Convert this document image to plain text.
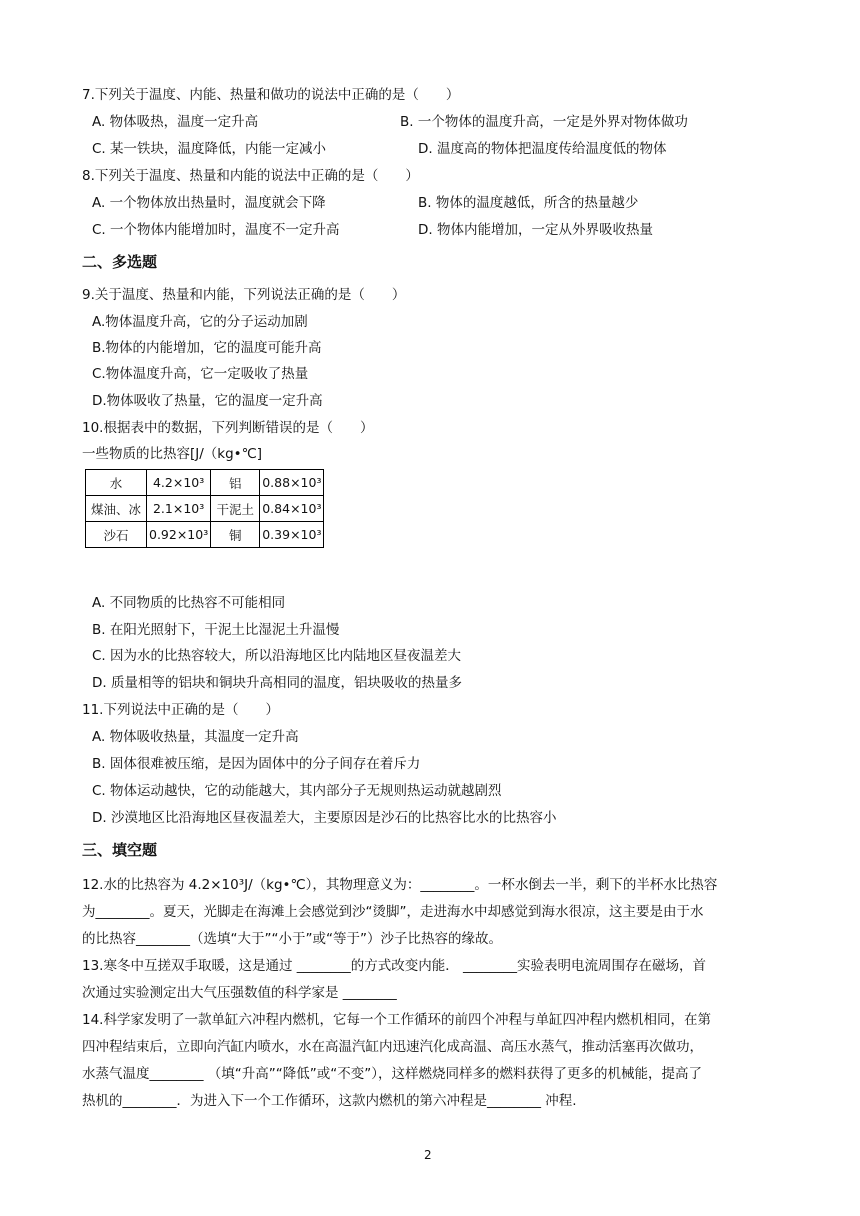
7.下列关于温度、内能、热量和做功的说法中正确的是（　　）
A. 物体吸热，温度一定升高	B. 一个物体的温度升高，一定是外界对物体做功
C. 某一铁块，温度降低，内能一定减小	D. 温度高的物体把温度传给温度低的物体
8.下列关于温度、热量和内能的说法中正确的是（　　）
A. 一个物体放出热量时，温度就会下降	B. 物体的温度越低，所含的热量越少
C. 一个物体内能增加时，温度不一定升高	D. 物体内能增加，一定从外界吸收热量
二、多选题
9.关于温度、热量和内能，下列说法正确的是（　　）
A.物体温度升高，它的分子运动加剧
B.物体的内能增加，它的温度可能升高
C.物体温度升高，它一定吸收了热量
D.物体吸收了热量，它的温度一定升高
10.根据表中的数据，下列判断错误的是（　　）
一些物质的比热容[J/（kg•℃]
水	4.2×10³	铝	0.88×10³
煤油、冰	2.1×10³	干泥土	0.84×10³
沙石	0.92×10³	铜	0.39×10³
A. 不同物质的比热容不可能相同
B. 在阳光照射下，干泥土比湿泥土升温慢
C. 因为水的比热容较大，所以沿海地区比内陆地区昼夜温差大
D. 质量相等的铝块和铜块升高相同的温度，铝块吸收的热量多
11.下列说法中正确的是（　　）
A. 物体吸收热量，其温度一定升高
B. 固体很难被压缩，是因为固体中的分子间存在着斥力
C. 物体运动越快，它的动能越大，其内部分子无规则热运动就越剧烈
D. 沙漠地区比沿海地区昼夜温差大，主要原因是沙石的比热容比水的比热容小
三、填空题
12.水的比热容为 4.2×10³J/（kg•℃），其物理意义为：________。一杯水倒去一半，剩下的半杯水比热容
为________。夏天，光脚走在海滩上会感觉到沙“烫脚”，走进海水中却感觉到海水很凉，这主要是由于水
的比热容________（选填“大于”“小于”或“等于”）沙子比热容的缘故。
13.寒冬中互搓双手取暖，这是通过 ________的方式改变内能． ________实验表明电流周围存在磁场，首
次通过实验测定出大气压强数值的科学家是 ________
14.科学家发明了一款单缸六冲程内燃机，它每一个工作循环的前四个冲程与单缸四冲程内燃机相同，在第
四冲程结束后，立即向汽缸内喷水，水在高温汽缸内迅速汽化成高温、高压水蒸气，推动活塞再次做功，
水蒸气温度________ （填“升高”“降低”或“不变”），这样燃烧同样多的燃料获得了更多的机械能，提高了
热机的________．为进入下一个工作循环，这款内燃机的第六冲程是________ 冲程.
2
